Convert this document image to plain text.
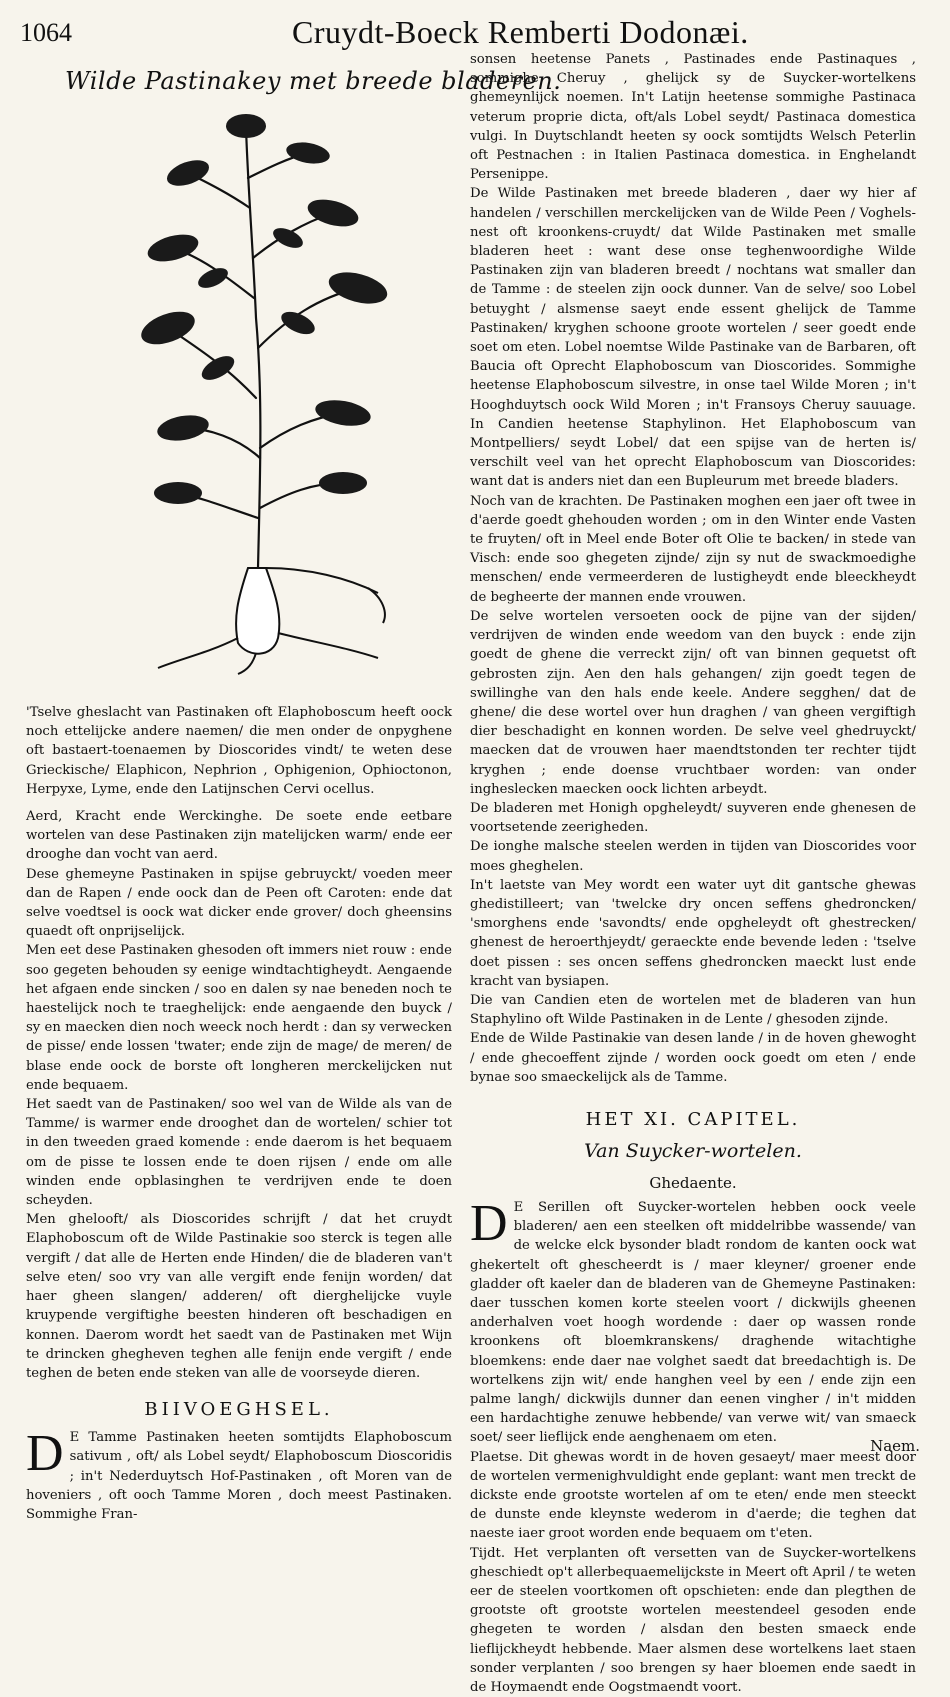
1064	Cruydt-Boeck Remberti Dodonæi.
Wilde Pastinakey met breede bladeren.

'Tselve gheslacht van Pastinaken oft Elaphoboscum heeft oock noch ettelijcke andere naemen/ die men onder de onpyghene oft bastaert-toenaemen by Dioscorides vindt/ te weten dese Grieckische/ Elaphicon, Nephrion , Ophigenion, Ophioctonon, Herpyxe, Lyme, ende den Latijnschen Cervi ocellus.

Aerd, Kracht ende Werckinghe. De soete ende eetbare wortelen van dese Pastinaken zijn matelijcken warm/ ende eer drooghe dan vocht van aerd.

Dese ghemeyne Pastinaken in spijse gebruyckt/ voeden meer dan de Rapen / ende oock dan de Peen oft Caroten: ende dat selve voedtsel is oock wat dicker ende grover/ doch gheensins quaedt oft onprijselijck.

Men eet dese Pastinaken ghesoden oft immers niet rouw : ende soo gegeten behouden sy eenige windtachtigheydt. Aengaende het afgaen ende sincken / soo en dalen sy nae beneden noch te haestelijck noch te traeghelijck: ende aengaende den buyck / sy en maecken dien noch weeck noch herdt : dan sy verwecken de pisse/ ende lossen 'twater; ende zijn de mage/ de meren/ de blase ende oock de borste oft longheren merckelijcken nut ende bequaem.

Het saedt van de Pastinaken/ soo wel van de Wilde als van de Tamme/ is warmer ende drooghet dan de wortelen/ schier tot in den tweeden graed komende : ende daerom is het bequaem om de pisse te lossen ende te doen rijsen / ende om alle winden ende opblasinghen te verdrijven ende te doen scheyden.

Men ghelooft/ als Dioscorides schrijft / dat het cruydt Elaphoboscum oft de Wilde Pastinakie soo sterck is tegen alle vergift / dat alle de Herten ende Hinden/ die de bladeren van't selve eten/ soo vry van alle vergift ende fenijn worden/ dat haer gheen slangen/ adderen/ oft dierghelijcke vuyle kruypende vergiftighe beesten hinderen oft beschadigen en konnen. Daerom wordt het saedt van de Pastinaken met Wijn te drincken ghegheven teghen alle fenijn ende vergift / ende teghen de beten ende steken van alle de voorseyde dieren.

BIIVOEGHSEL.

D E Tamme Pastinaken heeten somtijdts Elaphoboscum sativum , oft/ als Lobel seydt/ Elaphoboscum Dioscoridis ; in't Nederduytsch Hof-Pastinaken , oft Moren van de hoveniers , oft ooch Tamme Moren , doch meest Pastinaken. Sommighe Fran-

sonsen heetense Panets , Pastinades ende Pastinaques , sommighe Cheruy , ghelijck sy de Suycker-wortelkens ghemeynlijck noemen. In't Latijn heetense sommighe Pastinaca veterum proprie dicta, oft/als Lobel seydt/ Pastinaca domestica vulgi. In Duytschlandt heeten sy oock somtijdts Welsch Peterlin oft Pestnachen : in Italien Pastinaca domestica. in Enghelandt Persenippe.

De Wilde Pastinaken met breede bladeren , daer wy hier af handelen / verschillen merckelijcken van de Wilde Peen / Voghels-nest oft kroonkens-cruydt/ dat Wilde Pastinaken met smalle bladeren heet : want dese onse teghenwoordighe Wilde Pastinaken zijn van bladeren breedt / nochtans wat smaller dan de Tamme : de steelen zijn oock dunner. Van de selve/ soo Lobel betuyght / alsmense saeyt ende essent ghelijck de Tamme Pastinaken/ kryghen schoone groote wortelen / seer goedt ende soet om eten. Lobel noemtse Wilde Pastinake van de Barbaren, oft Baucia oft Oprecht Elaphoboscum van Dioscorides. Sommighe heetense Elaphoboscum silvestre, in onse tael Wilde Moren ; in't Hooghduytsch oock Wild Moren ; in't Fransoys Cheruy sauuage. In Candien heetense Staphylinon. Het Elaphoboscum van Montpelliers/ seydt Lobel/ dat een spijse van de herten is/ verschilt veel van het oprecht Elaphoboscum van Dioscorides: want dat is anders niet dan een Bupleurum met breede bladers.

Noch van de krachten. De Pastinaken moghen een jaer oft twee in d'aerde goedt ghehouden worden ; om in den Winter ende Vasten te fruyten/ oft in Meel ende Boter oft Olie te backen/ in stede van Visch: ende soo ghegeten zijnde/ zijn sy nut de swackmoedighe menschen/ ende vermeerderen de lustigheydt ende bleeckheydt de begheerte der mannen ende vrouwen.

De selve wortelen versoeten oock de pijne van der sijden/ verdrijven de winden ende weedom van den buyck : ende zijn goedt de ghene die verreckt zijn/ oft van binnen gequetst oft gebrosten zijn. Aen den hals gehangen/ zijn goedt tegen de swillinghe van den hals ende keele. Andere segghen/ dat de ghene/ die dese wortel over hun draghen / van gheen vergiftigh dier beschadight en konnen worden. De selve veel ghedruyckt/ maecken dat de vrouwen haer maendtstonden ter rechter tijdt kryghen ; ende doense vruchtbaer worden: van onder ingheslecken maecken oock lichten arbeydt.

De bladeren met Honigh opgheleydt/ suyveren ende ghenesen de voortsetende zeerigheden.

De ionghe malsche steelen werden in tijden van Dioscorides voor moes gheghelen.

In't laetste van Mey wordt een water uyt dit gantsche ghewas ghedistilleert; van 'twelcke dry oncen seffens ghedroncken/ 'smorghens ende 'savondts/ ende opgheleydt oft ghestrecken/ ghenest de heroerthjeydt/ geraeckte ende bevende leden : 'tselve doet pissen : ses oncen seffens ghedroncken maeckt lust ende kracht van bysiapen.

Die van Candien eten de wortelen met de bladeren van hun Staphylino oft Wilde Pastinaken in de Lente / ghesoden zijnde.

Ende de Wilde Pastinakie van desen lande / in de hoven ghewoght / ende ghecoeffent zijnde / worden oock goedt om eten / ende bynae soo smaeckelijck als de Tamme.

HET XI. CAPITEL.
Van Suycker-wortelen.
Ghedaente.

D E Serillen oft Suycker-wortelen hebben oock veele bladeren/ aen een steelken oft middelribbe wassende/ van de welcke elck bysonder bladt rondom de kanten oock wat ghekertelt oft ghescheerdt is / maer kleyner/ groener ende gladder oft kaeler dan de bladeren van de Ghemeyne Pastinaken: daer tusschen komen korte steelen voort / dickwijls gheenen anderhalven voet hoogh wordende : daer op wassen ronde kroonkens oft bloemkranskens/ draghende witachtighe bloemkens: ende daer nae volghet saedt dat breedachtigh is. De wortelkens zijn wit/ ende hanghen veel by een / ende zijn een palme langh/ dickwijls dunner dan eenen vingher / in't midden een hardachtighe zenuwe hebbende/ van verwe wit/ van smaeck soet/ seer lieflijck ende aenghenaem om eten.

Plaetse. Dit ghewas wordt in de hoven gesaeyt/ maer meest door de wortelen vermenighvuldight ende geplant: want men treckt de dickste ende grootste wortelen af om te eten/ ende men steeckt de dunste ende kleynste wederom in d'aerde; die teghen dat naeste iaer groot worden ende bequaem om t'eten.

Tijdt. Het verplanten oft versetten van de Suycker-wortelkens gheschiedt op't allerbequaemelijckste in Meert oft April / te weten eer de steelen voortkomen oft opschieten: ende dan plegthen de grootste oft grootste wortelen meestendeel gesoden ende ghegeten te worden / alsdan den besten smaeck ende lieflijckheydt hebbende. Maer alsmen dese wortelkens laet staen sonder verplanten / soo brengen sy haer bloemen ende saedt in de Hoymaendt ende Oogstmaendt voort.

Naem.
